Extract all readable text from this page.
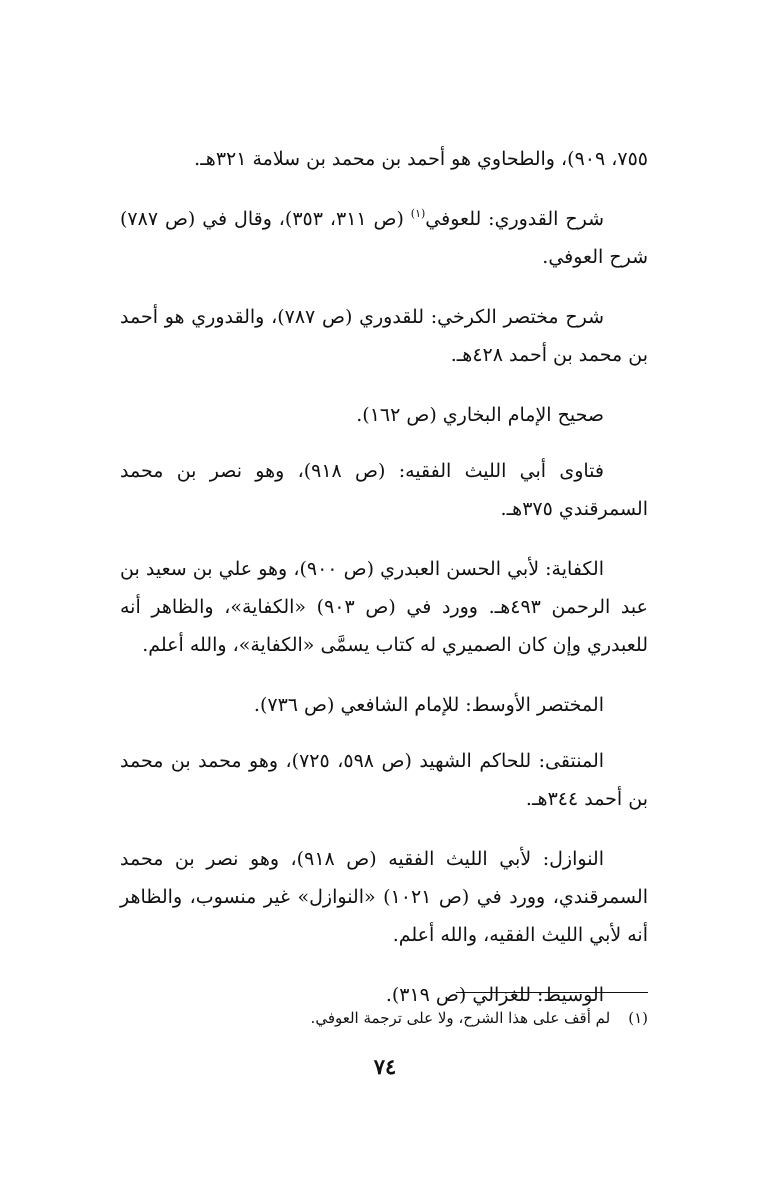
٧٥٥، ٩٠٩)، والطحاوي هو أحمد بن محمد بن سلامة ٣٢١هـ.

شرح القدوري: للعوفي$^{(١)}$ (ص ٣١١، ٣٥٣)، وقال في (ص ٧٨٧) شرح العوفي.

شرح مختصر الكرخي: للقدوري (ص ٧٨٧)، والقدوري هو أحمد بن محمد بن أحمد ٤٢٨هـ.

صحيح الإمام البخاري (ص ١٦٢).

فتاوى أبي الليث الفقيه: (ص ٩١٨)، وهو نصر بن محمد السمرقندي ٣٧٥هـ.

الكفاية: لأبي الحسن العبدري (ص ٩٠٠)، وهو علي بن سعيد بن عبد الرحمن ٤٩٣هـ. وورد في (ص ٩٠٣) «الكفاية»، والظاهر أنه للعبدري وإن كان الصميري له كتاب يسمَّى «الكفاية»، والله أعلم.

المختصر الأوسط: للإمام الشافعي (ص ٧٣٦).

المنتقى: للحاكم الشهيد (ص ٥٩٨، ٧٢٥)، وهو محمد بن محمد بن أحمد ٣٤٤هـ.

النوازل: لأبي الليث الفقيه (ص ٩١٨)، وهو نصر بن محمد السمرقندي، وورد في (ص ١٠٢١) «النوازل» غير منسوب، والظاهر أنه لأبي الليث الفقيه، والله أعلم.

الوسيط: للغزالي (ص ٣١٩).

(١)
لم أقف على هذا الشرح، ولا على ترجمة العوفي.
٧٤
